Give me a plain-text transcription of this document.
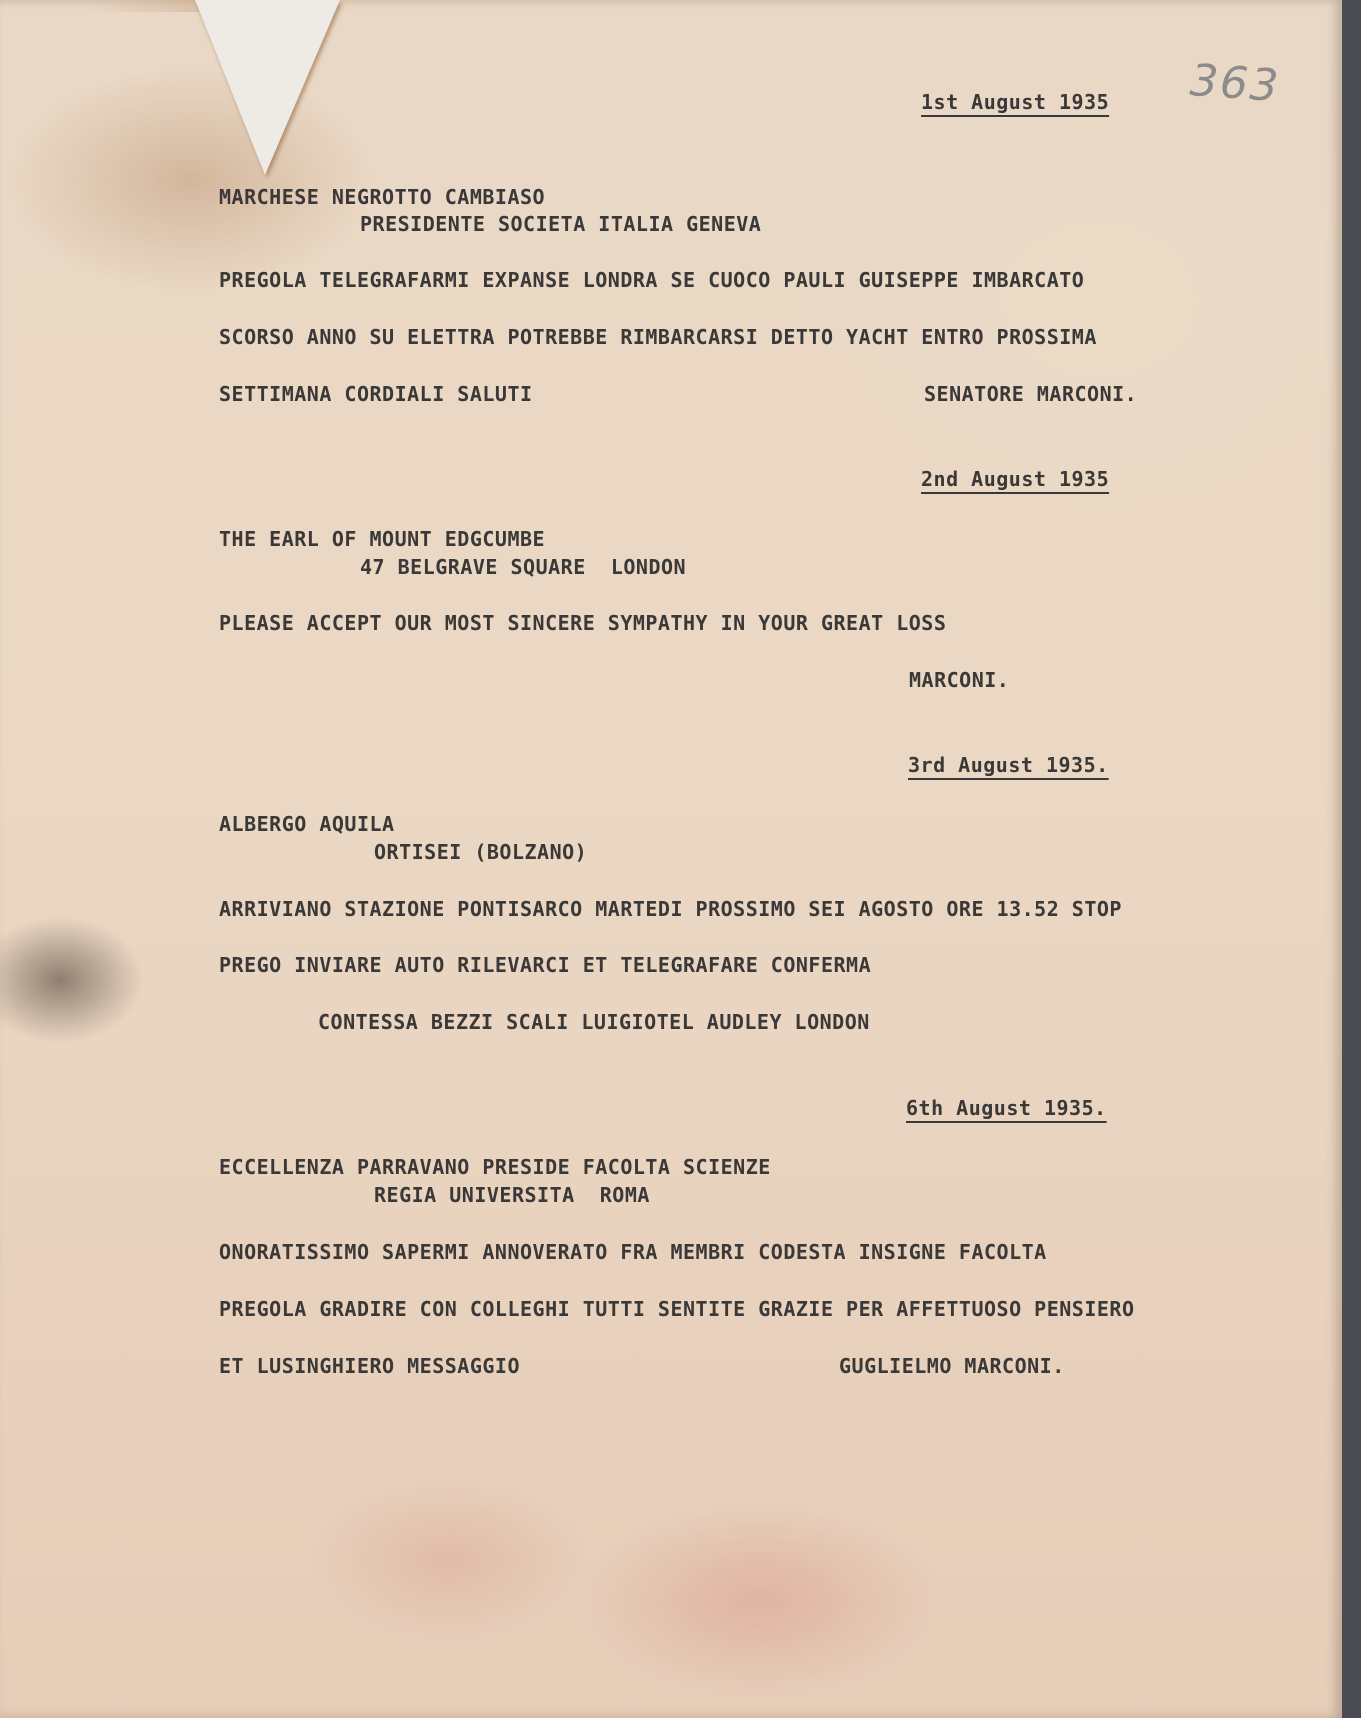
363

1st August 1935

MARCHESE NEGROTTO CAMBIASO

PRESIDENTE SOCIETA ITALIA GENEVA

PREGOLA TELEGRAFARMI EXPANSE LONDRA SE CUOCO PAULI GUISEPPE IMBARCATO

SCORSO ANNO SU ELETTRA POTREBBE RIMBARCARSI DETTO YACHT ENTRO PROSSIMA

SETTIMANA CORDIALI SALUTI	SENATORE MARCONI.

2nd August 1935

THE EARL OF MOUNT EDGCUMBE

47 BELGRAVE SQUARE  LONDON

PLEASE ACCEPT OUR MOST SINCERE SYMPATHY IN YOUR GREAT LOSS

MARCONI.

3rd August 1935.

ALBERGO AQUILA

ORTISEI (BOLZANO)

ARRIVIANO STAZIONE PONTISARCO MARTEDI PROSSIMO SEI AGOSTO ORE 13.52 STOP

PREGO INVIARE AUTO RILEVARCI ET TELEGRAFARE CONFERMA

CONTESSA BEZZI SCALI LUIGIOTEL AUDLEY LONDON

6th August 1935.

ECCELLENZA PARRAVANO PRESIDE FACOLTA SCIENZE

REGIA UNIVERSITA  ROMA

ONORATISSIMO SAPERMI ANNOVERATO FRA MEMBRI CODESTA INSIGNE FACOLTA

PREGOLA GRADIRE CON COLLEGHI TUTTI SENTITE GRAZIE PER AFFETTUOSO PENSIERO

ET LUSINGHIERO MESSAGGIO	GUGLIELMO MARCONI.
